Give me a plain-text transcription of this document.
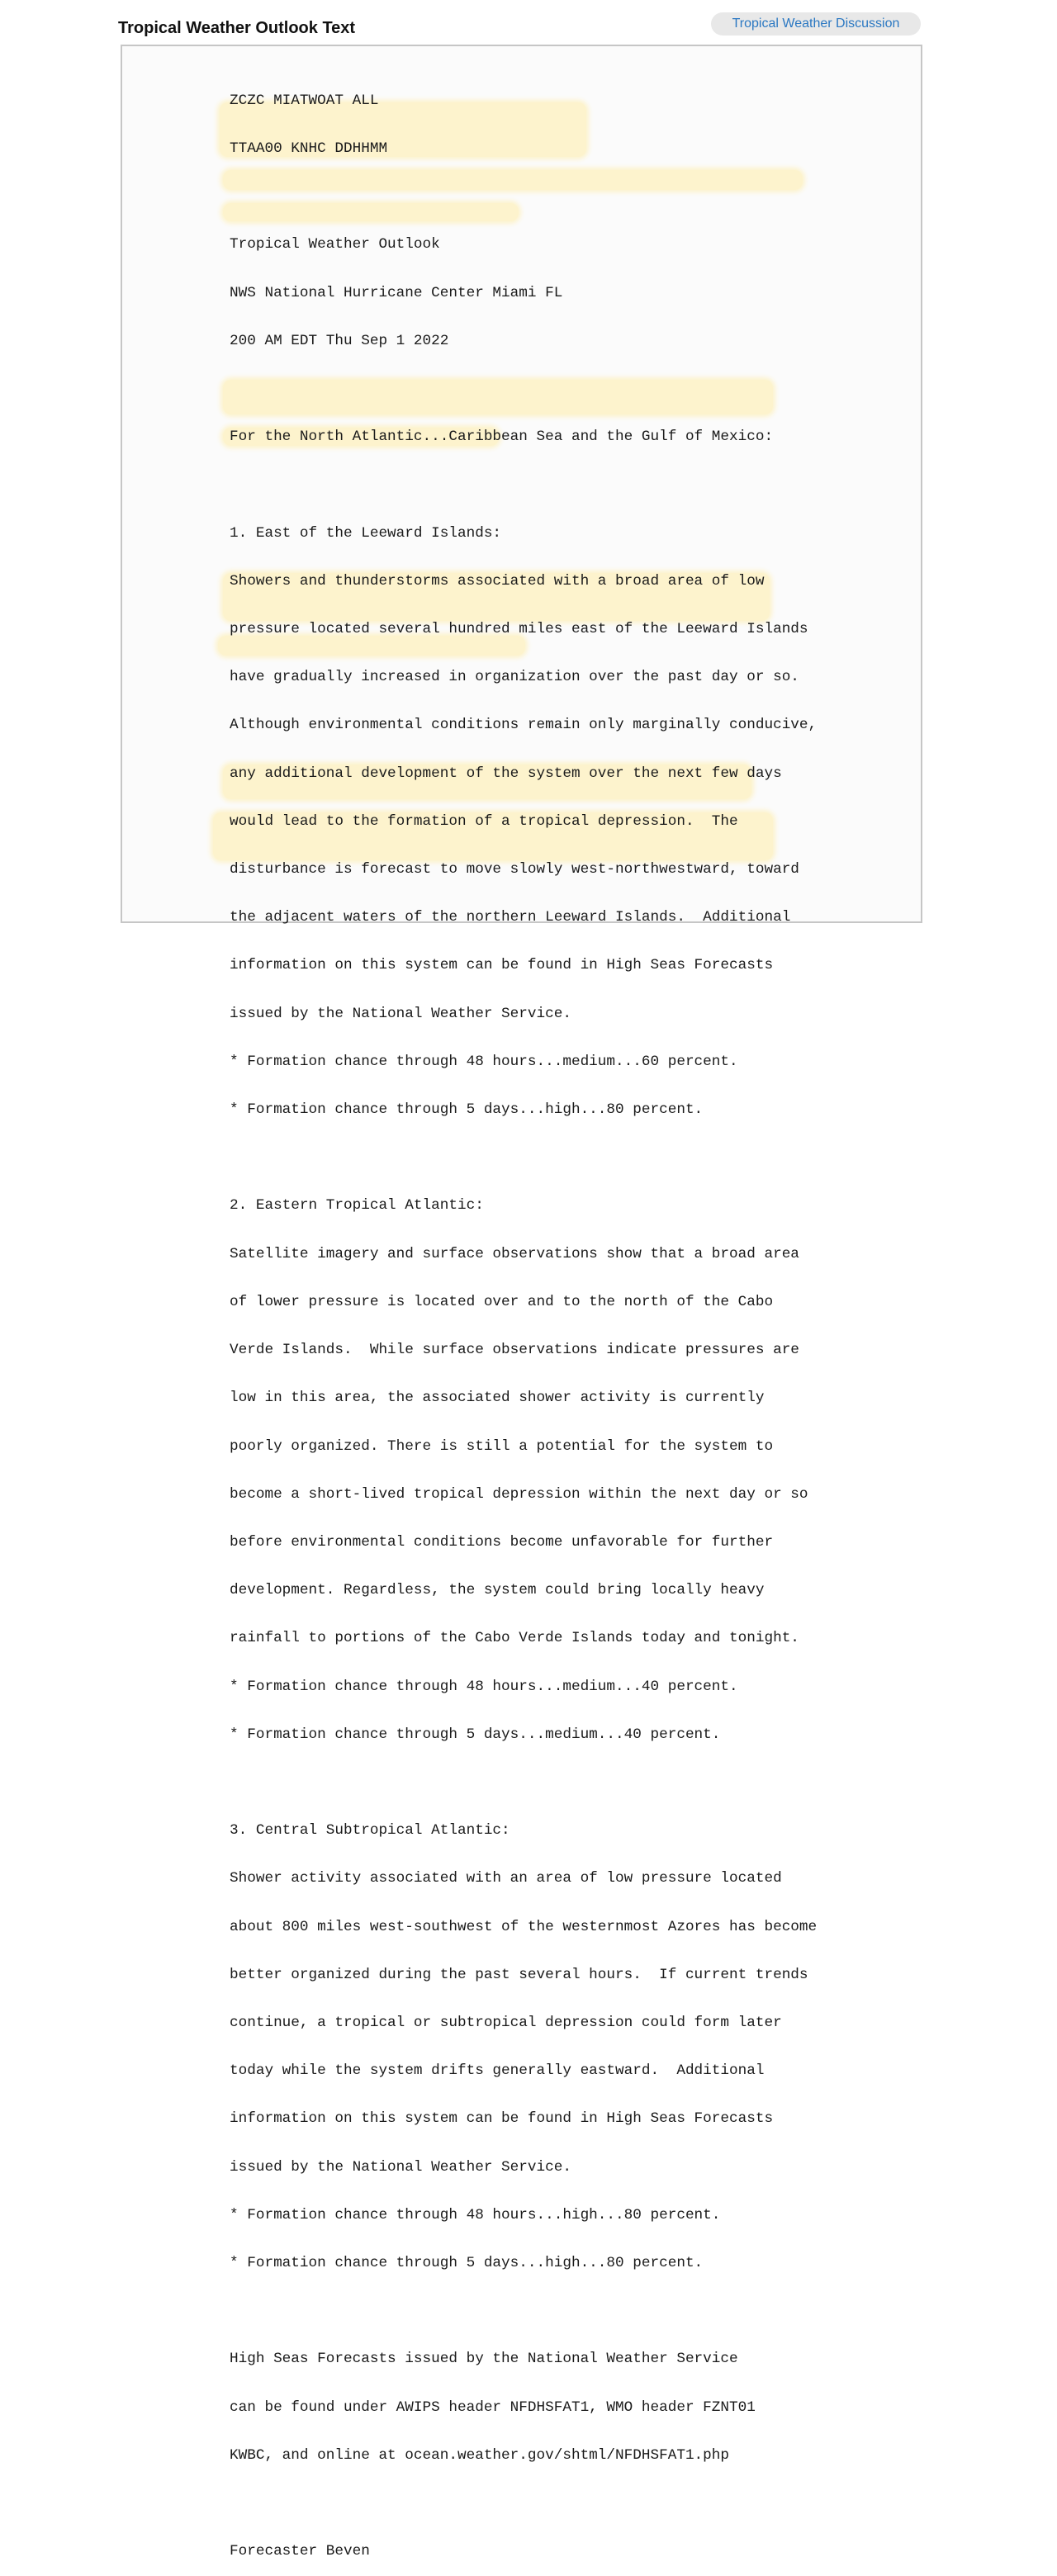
Tropical Weather Outlook Text	Tropical Weather Discussion

ZCZC MIATWOAT ALL

TTAA00 KNHC DDHHMM

Tropical Weather Outlook

NWS National Hurricane Center Miami FL

200 AM EDT Thu Sep 1 2022

For the North Atlantic...Caribbean Sea and the Gulf of Mexico:

1. East of the Leeward Islands:

Showers and thunderstorms associated with a broad area of low

pressure located several hundred miles east of the Leeward Islands

have gradually increased in organization over the past day or so.

Although environmental conditions remain only marginally conducive,

any additional development of the system over the next few days

would lead to the formation of a tropical depression.  The

disturbance is forecast to move slowly west-northwestward, toward

the adjacent waters of the northern Leeward Islands.  Additional

information on this system can be found in High Seas Forecasts

issued by the National Weather Service.

* Formation chance through 48 hours...medium...60 percent.

* Formation chance through 5 days...high...80 percent.

2. Eastern Tropical Atlantic:

Satellite imagery and surface observations show that a broad area

of lower pressure is located over and to the north of the Cabo

Verde Islands.  While surface observations indicate pressures are

low in this area, the associated shower activity is currently

poorly organized. There is still a potential for the system to

become a short-lived tropical depression within the next day or so

before environmental conditions become unfavorable for further

development. Regardless, the system could bring locally heavy

rainfall to portions of the Cabo Verde Islands today and tonight.

* Formation chance through 48 hours...medium...40 percent.

* Formation chance through 5 days...medium...40 percent.

3. Central Subtropical Atlantic:

Shower activity associated with an area of low pressure located

about 800 miles west-southwest of the westernmost Azores has become

better organized during the past several hours.  If current trends

continue, a tropical or subtropical depression could form later

today while the system drifts generally eastward.  Additional

information on this system can be found in High Seas Forecasts

issued by the National Weather Service.

* Formation chance through 48 hours...high...80 percent.

* Formation chance through 5 days...high...80 percent.

High Seas Forecasts issued by the National Weather Service

can be found under AWIPS header NFDHSFAT1, WMO header FZNT01

KWBC, and online at ocean.weather.gov/shtml/NFDHSFAT1.php

Forecaster Beven
